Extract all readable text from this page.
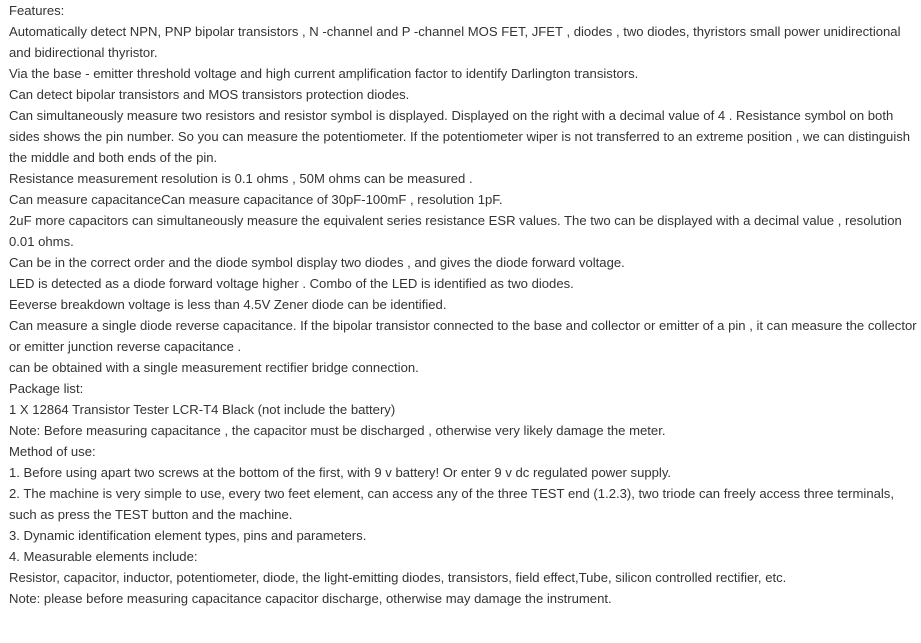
Features:

Automatically detect NPN, PNP bipolar transistors , N -channel and P -channel MOS FET, JFET , diodes , two diodes, thyristors small power unidirectional and bidirectional thyristor.

Via the base - emitter threshold voltage and high current amplification factor to identify Darlington transistors.

Can detect bipolar transistors and MOS transistors protection diodes.

Can simultaneously measure two resistors and resistor symbol is displayed. Displayed on the right with a decimal value of 4 . Resistance symbol on both sides shows the pin number. So you can measure the potentiometer. If the potentiometer wiper is not transferred to an extreme position , we can distinguish the middle and both ends of the pin.

Resistance measurement resolution is 0.1 ohms , 50M ohms can be measured .

Can measure capacitanceCan measure capacitance of 30pF-100mF , resolution 1pF.

2uF more capacitors can simultaneously measure the equivalent series resistance ESR values. The two can be displayed with a decimal value , resolution 0.01 ohms.

Can be in the correct order and the diode symbol display two diodes , and gives the diode forward voltage.

LED is detected as a diode forward voltage higher . Combo of the LED is identified as two diodes.

Eeverse breakdown voltage is less than 4.5V Zener diode can be identified.

Can measure a single diode reverse capacitance. If the bipolar transistor connected to the base and collector or emitter of a pin , it can measure the collector or emitter junction reverse capacitance .

can be obtained with a single measurement rectifier bridge connection.

Package list:

1 X 12864 Transistor Tester LCR-T4 Black (not include the battery)

Note: Before measuring capacitance , the capacitor must be discharged , otherwise very likely damage the meter.

Method of use:

1. Before using apart two screws at the bottom of the first, with 9 v battery! Or enter 9 v dc regulated power supply.

2. The machine is very simple to use, every two feet element, can access any of the three TEST end (1.2.3), two triode can freely access three terminals, such as press the TEST button and the machine.

3. Dynamic identification element types, pins and parameters.

4. Measurable elements include:

Resistor, capacitor, inductor, potentiometer, diode, the light-emitting diodes, transistors, field effect,Tube, silicon controlled rectifier, etc.

Note: please before measuring capacitance capacitor discharge, otherwise may damage the instrument.
